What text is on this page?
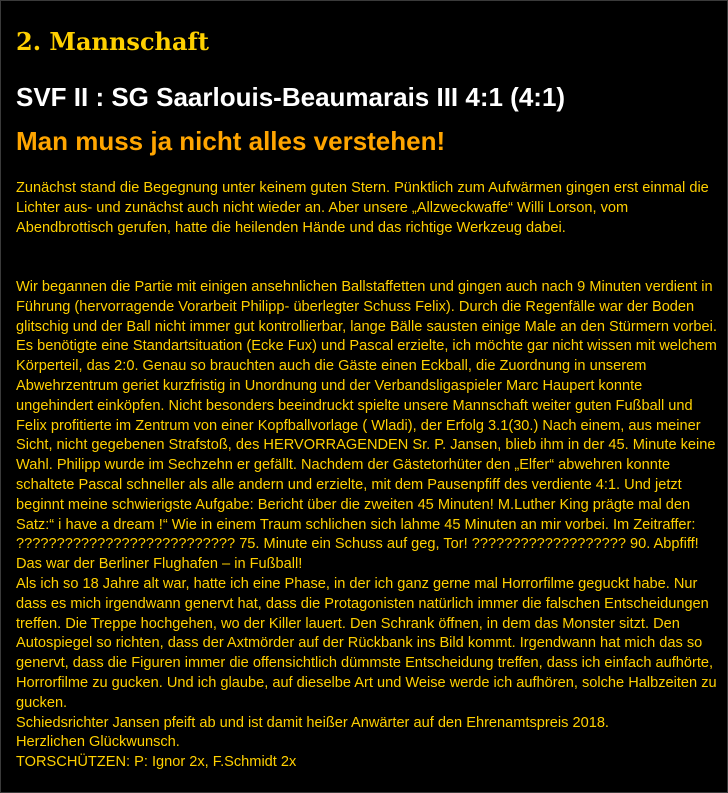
2. Mannschaft
SVF II : SG Saarlouis-Beaumarais III 4:1 (4:1)
Man muss ja nicht alles verstehen!

Zunächst stand die Begegnung unter keinem guten Stern. Pünktlich zum Aufwärmen gingen erst einmal die Lichter aus- und zunächst auch nicht wieder an. Aber unsere „Allzweckwaffe“ Willi Lorson, vom Abendbrottisch gerufen, hatte die heilenden Hände und das richtige Werkzeug dabei.

Wir begannen die Partie mit einigen ansehnlichen Ballstaffetten und gingen auch nach 9 Minuten verdient in Führung (hervorragende Vorarbeit Philipp- überlegter Schuss Felix). Durch die Regenfälle war der Boden glitschig und der Ball nicht immer gut kontrollierbar, lange Bälle sausten einige Male an den Stürmern vorbei. Es benötigte eine Standartsituation (Ecke Fux) und Pascal erzielte, ich möchte gar nicht wissen mit welchem Körperteil, das 2:0. Genau so brauchten auch die Gäste einen Eckball, die Zuordnung in unserem Abwehrzentrum geriet kurzfristig in Unordnung und der Verbandsligaspieler Marc Haupert konnte ungehindert einköpfen. Nicht besonders beeindruckt spielte unsere Mannschaft weiter guten Fußball und Felix profitierte im Zentrum von einer Kopfballvorlage ( Wladi), der Erfolg 3.1(30.) Nach einem, aus meiner Sicht, nicht gegebenen Strafstoß, des HERVORRAGENDEN Sr. P. Jansen, blieb ihm in der 45. Minute keine Wahl. Philipp wurde im Sechzehn er gefällt. Nachdem der Gästetorhüter den „Elfer“ abwehren konnte schaltete Pascal schneller als alle andern und erzielte, mit dem Pausenpfiff des verdiente 4:1. Und jetzt beginnt meine schwierigste Aufgabe: Bericht über die zweiten 45 Minuten! M.Luther King prägte mal den Satz:“ i have a dream !“ Wie in einem Traum schlichen sich lahme 45 Minuten an mir vorbei. Im Zeitraffer: ??????????????????????????? 75. Minute ein Schuss auf geg, Tor! ??????????????????? 90. Abpfiff!

Das war der Berliner Flughafen – in Fußball!

Als ich so 18 Jahre alt war, hatte ich eine Phase, in der ich ganz gerne mal Horrorfilme geguckt habe. Nur dass es mich irgendwann genervt hat, dass die Protagonisten natürlich immer die falschen Entscheidungen treffen. Die Treppe hochgehen, wo der Killer lauert. Den Schrank öffnen, in dem das Monster sitzt. Den Autospiegel so richten, dass der Axtmörder auf der Rückbank ins Bild kommt. Irgendwann hat mich das so genervt, dass die Figuren immer die offensichtlich dümmste Entscheidung treffen, dass ich einfach aufhörte, Horrorfilme zu gucken. Und ich glaube, auf dieselbe Art und Weise werde ich aufhören, solche Halbzeiten zu gucken.

Schiedsrichter Jansen pfeift ab und ist damit heißer Anwärter auf den Ehrenamtspreis 2018.

Herzlichen Glückwunsch.

TORSCHÜTZEN: P: Ignor 2x, F.Schmidt 2x
